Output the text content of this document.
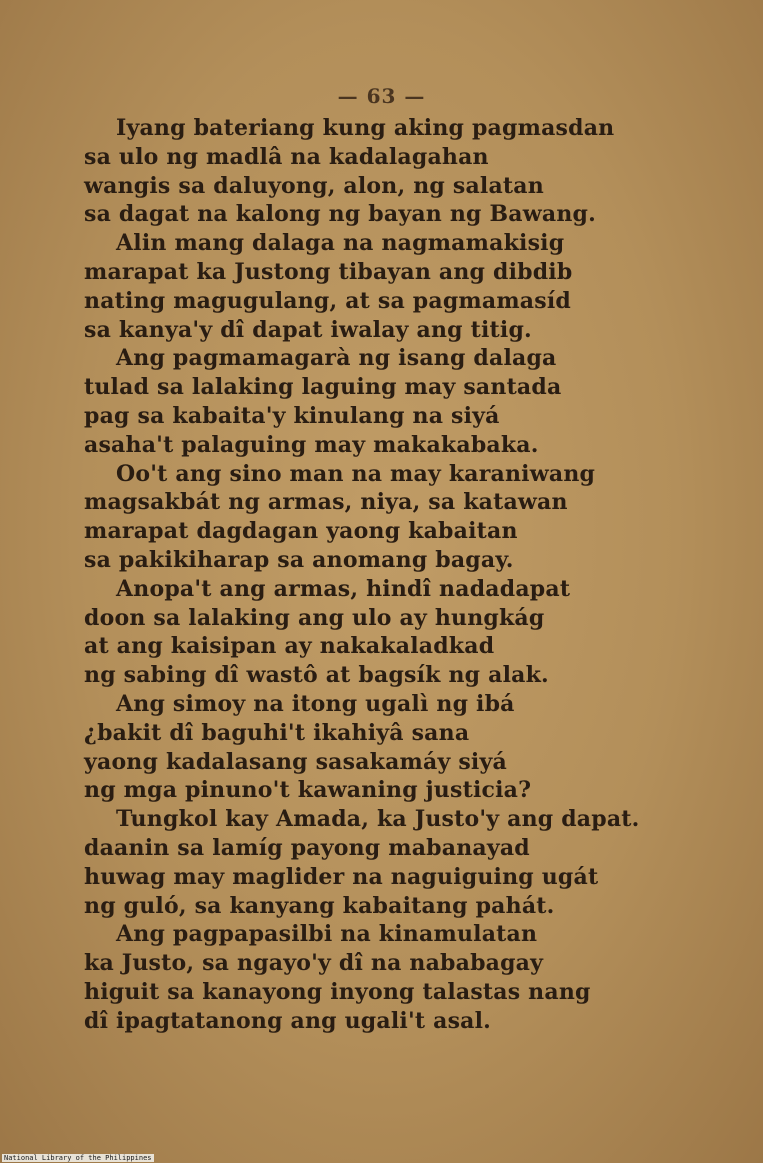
— 63 —
Iyang bateriang kung aking pagmasdan
sa ulo ng madlâ na kadalagahan
wangis sa daluyong, alon, ng salatan
sa dagat na kalong ng bayan ng Bawang.
Alin mang dalaga na nagmamakisig
marapat ka Justong tibayan ang dibdib
nating magugulang, at sa pagmamasíd
sa kanya'y dî dapat iwalay ang titig.
Ang pagmamagarà ng isang dalaga
tulad sa lalaking laguing may santada
pag sa kabaita'y kinulang na siyá
asaha't palaguing may makakabaka.
Oo't ang sino man na may karaniwang
magsakbát ng armas, niya, sa katawan
marapat dagdagan yaong kabaitan
sa pakikiharap sa anomang bagay.
Anopa't ang armas, hindî nadadapat
doon sa lalaking ang ulo ay hungkág
at ang kaisipan ay nakakaladkad
ng sabing dî wastô at bagsík ng alak.
Ang simoy na itong ugalì ng ibá
¿bakit dî baguhi't ikahiyâ sana
yaong kadalasang sasakamáy siyá
ng mga pinuno't kawaning justicia?
Tungkol kay Amada, ka Justo'y ang dapat.
daanin sa lamíg payong mabanayad
huwag may maglider na naguiguing ugát
ng guló, sa kanyang kabaitang pahát.
Ang pagpapasilbi na kinamulatan
ka Justo, sa ngayo'y dî na nababagay
higuit sa kanayong inyong talastas nang
dî ipagtatanong ang ugali't asal.
National Library of the Philippines
